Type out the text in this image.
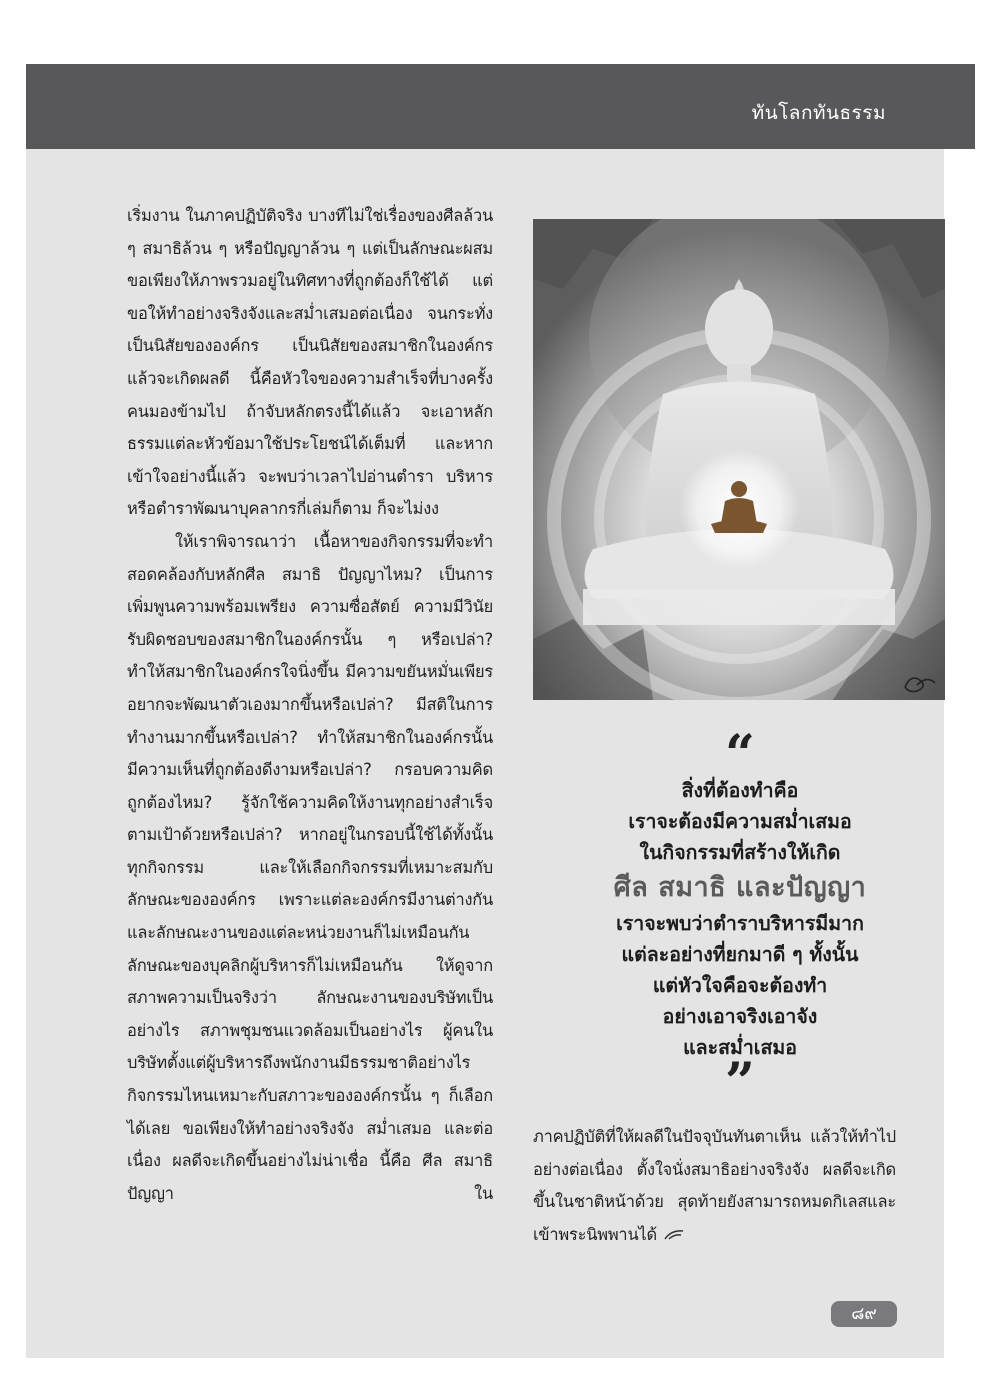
ทันโลกทันธรรม

เริ่มงาน ในภาคปฏิบัติจริง บางทีไม่ใช่เรื่องของศีลล้วน ๆ สมาธิล้วน ๆ หรือปัญญาล้วน ๆ แต่เป็นลักษณะผสม ขอเพียงให้ภาพรวมอยู่ในทิศทางที่ถูกต้องก็ใช้ได้ แต่ขอให้ทำอย่างจริงจังและสม่ำเสมอต่อเนื่อง จนกระทั่งเป็นนิสัยขององค์กร เป็นนิสัยของสมาชิกในองค์กร แล้วจะเกิดผลดี นี้คือหัวใจของความสำเร็จที่บางครั้งคนมองข้ามไป ถ้าจับหลักตรงนี้ได้แล้ว จะเอาหลักธรรมแต่ละหัวข้อมาใช้ประโยชน์ได้เต็มที่ และหากเข้าใจอย่างนี้แล้ว จะพบว่าเวลาไปอ่านตำรา บริหารหรือตำราพัฒนาบุคลากรกี่เล่มก็ตาม ก็จะไม่งง

ให้เราพิจารณาว่า เนื้อหาของกิจกรรมที่จะทำสอดคล้องกับหลักศีล สมาธิ ปัญญาไหม? เป็นการเพิ่มพูนความพร้อมเพรียง ความซื่อสัตย์ ความมีวินัย รับผิดชอบของสมาชิกในองค์กรนั้น ๆ หรือเปล่า? ทำให้สมาชิกในองค์กรใจนิ่งขึ้น มีความขยันหมั่นเพียร อยากจะพัฒนาตัวเองมากขึ้นหรือเปล่า? มีสติในการทำงานมากขึ้นหรือเปล่า? ทำให้สมาชิกในองค์กรนั้น มีความเห็นที่ถูกต้องดีงามหรือเปล่า? กรอบความคิดถูกต้องไหม? รู้จักใช้ความคิดให้งานทุกอย่างสำเร็จตามเป้าด้วยหรือเปล่า? หากอยู่ในกรอบนี้ใช้ได้ทั้งนั้นทุกกิจกรรม และให้เลือกกิจกรรมที่เหมาะสมกับลักษณะขององค์กร เพราะแต่ละองค์กรมีงานต่างกัน และลักษณะงานของแต่ละหน่วยงานก็ไม่เหมือนกัน ลักษณะของบุคลิกผู้บริหารก็ไม่เหมือนกัน ให้ดูจากสภาพความเป็นจริงว่า ลักษณะงานของบริษัทเป็นอย่างไร สภาพชุมชนแวดล้อมเป็นอย่างไร ผู้คนในบริษัทตั้งแต่ผู้บริหารถึงพนักงานมีธรรมชาติอย่างไร กิจกรรมไหนเหมาะกับสภาวะขององค์กรนั้น ๆ ก็เลือกได้เลย ขอเพียงให้ทำอย่างจริงจัง สม่ำเสมอ และต่อเนื่อง ผลดีจะเกิดขึ้นอย่างไม่น่าเชื่อ นี้คือ ศีล สมาธิ ปัญญา ใน

“
สิ่งที่ต้องทำคือ
เราจะต้องมีความสม่ำเสมอ
ในกิจกรรมที่สร้างให้เกิด
ศีล สมาธิ และปัญญา
เราจะพบว่าตำราบริหารมีมาก
แต่ละอย่างที่ยกมาดี ๆ ทั้งนั้น
แต่หัวใจคือจะต้องทำ
อย่างเอาจริงเอาจัง
และสม่ำเสมอ
”

ภาคปฏิบัติที่ให้ผลดีในปัจจุบันทันตาเห็น แล้วให้ทำไปอย่างต่อเนื่อง ตั้งใจนั่งสมาธิอย่างจริงจัง ผลดีจะเกิดขึ้นในชาติหน้าด้วย สุดท้ายยังสามารถหมดกิเลสและเข้าพระนิพพานได้

๘๙
